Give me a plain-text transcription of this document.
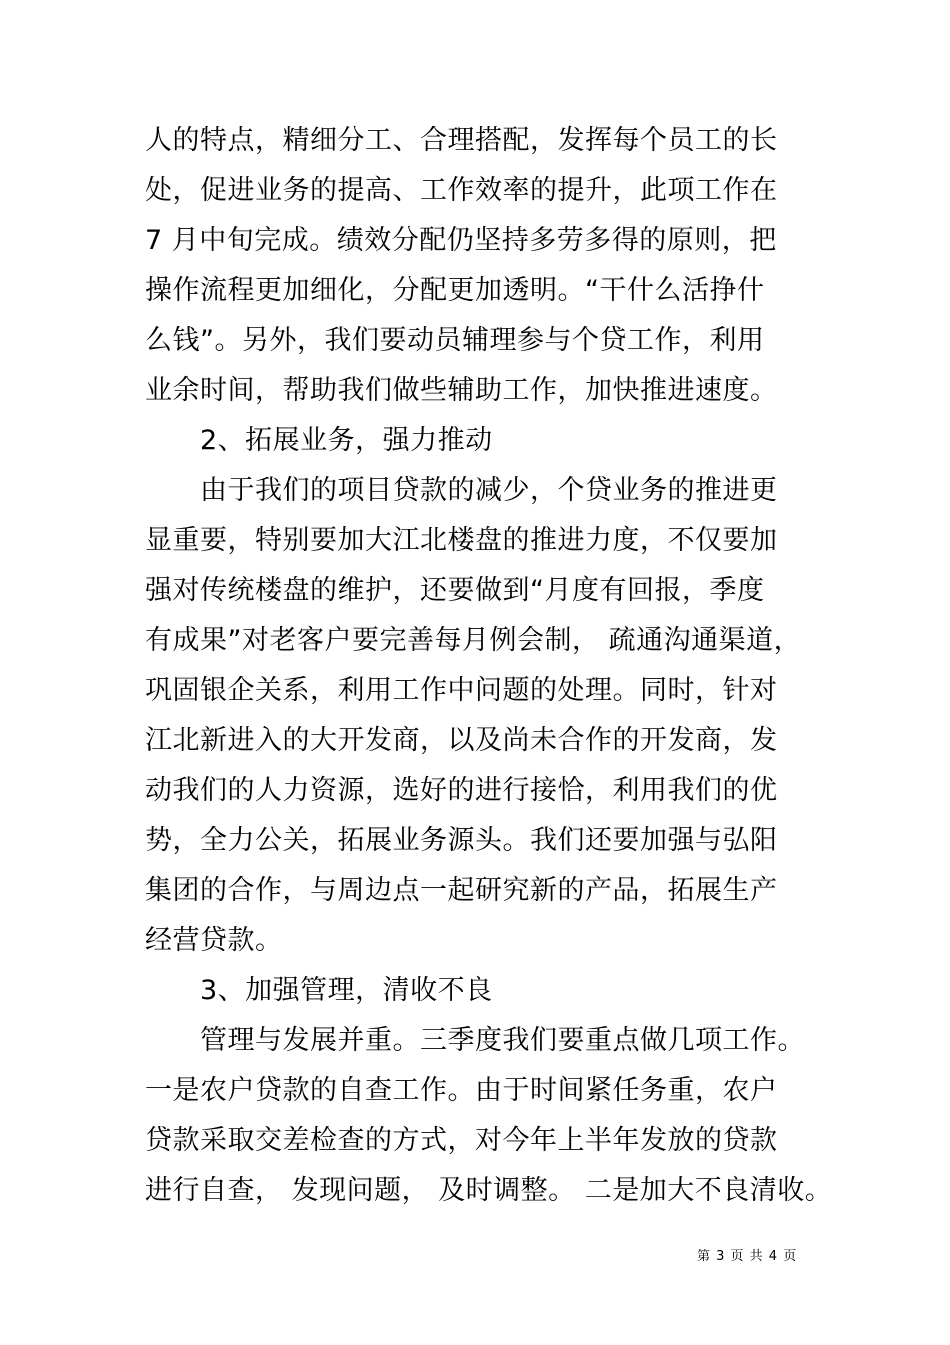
人的特点，精细分工、合理搭配，发挥每个员工的长
处，促进业务的提高、工作效率的提升，此项工作在
7 月中旬完成。绩效分配仍坚持多劳多得的原则，把
操作流程更加细化，分配更加透明。“干什么活挣什
么钱”。另外，我们要动员辅理参与个贷工作，利用
业余时间，帮助我们做些辅助工作，加快推进速度。
2、拓展业务，强力推动
由于我们的项目贷款的减少，个贷业务的推进更
显重要，特别要加大江北楼盘的推进力度，不仅要加
强对传统楼盘的维护，还要做到“月度有回报，季度
有成果”对老客户要完善每月例会制， 疏通沟通渠道，
巩固银企关系，利用工作中问题的处理。同时，针对
江北新进入的大开发商，以及尚未合作的开发商，发
动我们的人力资源，选好的进行接恰，利用我们的优
势，全力公关，拓展业务源头。我们还要加强与弘阳
集团的合作，与周边点一起研究新的产品，拓展生产
经营贷款。
3、加强管理，清收不良
管理与发展并重。三季度我们要重点做几项工作。
一是农户贷款的自查工作。由于时间紧任务重，农户
贷款采取交差检查的方式，对今年上半年发放的贷款
进行自查， 发现问题， 及时调整。 二是加大不良清收。
第 3 页 共 4 页
